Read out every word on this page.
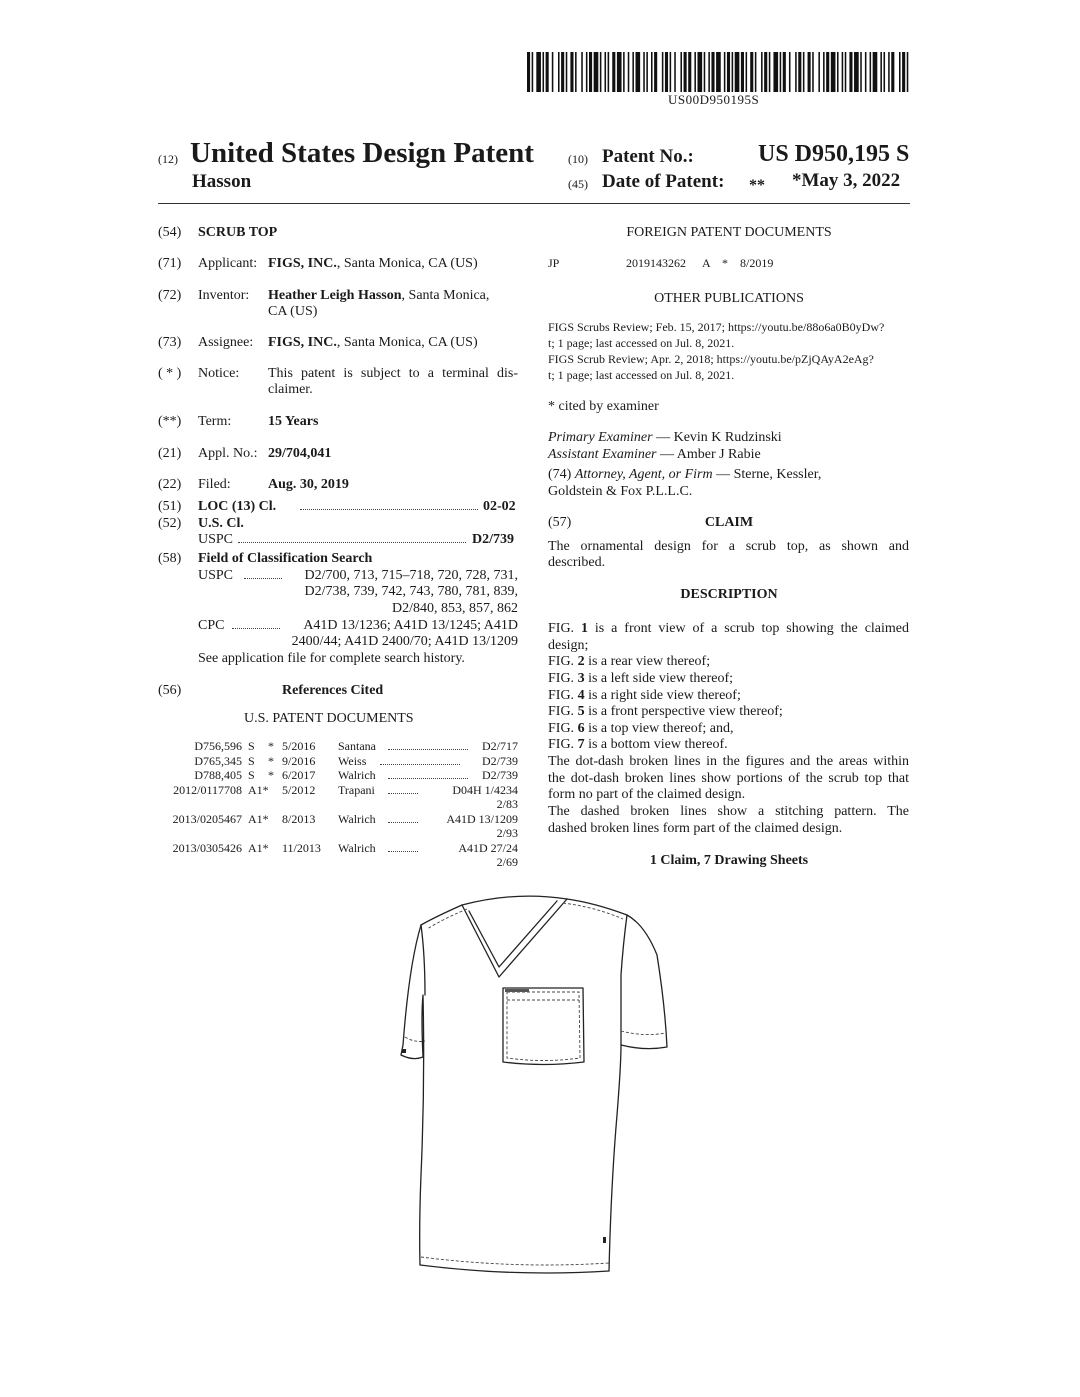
US00D950195S
(12) United States Design Patent
Hasson
(10) Patent No.:	US D950,195 S
(45) Date of Patent: ** *May 3, 2022
(54) SCRUB TOP
(71) Applicant: FIGS, INC., Santa Monica, CA (US)
(72) Inventor: Heather Leigh Hasson, Santa Monica,
CA (US)
(73) Assignee: FIGS, INC., Santa Monica, CA (US)
( * ) Notice: This patent is subject to a terminal dis-
claimer.
(**) Term:	15 Years
(21) Appl. No.: 29/704,041
(22) Filed:	Aug. 30, 2019
(51) LOC (13) Cl.	02-02
(52) U.S. Cl.
USPC	D2/739
(58) Field of Classification Search
USPC	D2/700, 713, 715–718, 720, 728, 731,
D2/738, 739, 742, 743, 780, 781, 839,
D2/840, 853, 857, 862
CPC	A41D 13/1236; A41D 13/1245; A41D
2400/44; A41D 2400/70; A41D 13/1209
See application file for complete search history.
(56)	References Cited
U.S. PATENT DOCUMENTS
D756,596 S	* 5/2016	Santana	D2/717
D765,345 S	* 9/2016	Weiss	D2/739
D788,405 S	* 6/2017	Walrich	D2/739
2012/0117708 A1* 5/2012	Trapani	D04H 1/4234
2/83
2013/0205467 A1* 8/2013	Walrich	A41D 13/1209
2/93
2013/0305426 A1* 11/2013 Walrich	A41D 27/24
2/69
FOREIGN PATENT DOCUMENTS
JP	2019143262 A * 8/2019
OTHER PUBLICATIONS
FIGS Scrubs Review; Feb. 15, 2017; https://youtu.be/88o6a0B0yDw?
t; 1 page; last accessed on Jul. 8, 2021.
FIGS Scrub Review; Apr. 2, 2018; https://youtu.be/pZjQAyA2eAg?
t; 1 page; last accessed on Jul. 8, 2021.
* cited by examiner
Primary Examiner — Kevin K Rudzinski
Assistant Examiner — Amber J Rabie
(74) Attorney, Agent, or Firm — Sterne, Kessler,
Goldstein & Fox P.L.L.C.
(57)	CLAIM
The ornamental design for a scrub top, as shown and
described.
DESCRIPTION
FIG. 1 is a front view of a scrub top showing the claimed
design;
FIG. 2 is a rear view thereof;
FIG. 3 is a left side view thereof;
FIG. 4 is a right side view thereof;
FIG. 5 is a front perspective view thereof;
FIG. 6 is a top view thereof; and,
FIG. 7 is a bottom view thereof.
The dot-dash broken lines in the figures and the areas within
the dot-dash broken lines show portions of the scrub top that
form no part of the claimed design.
The dashed broken lines show a stitching pattern. The
dashed broken lines form part of the claimed design.
1 Claim, 7 Drawing Sheets
